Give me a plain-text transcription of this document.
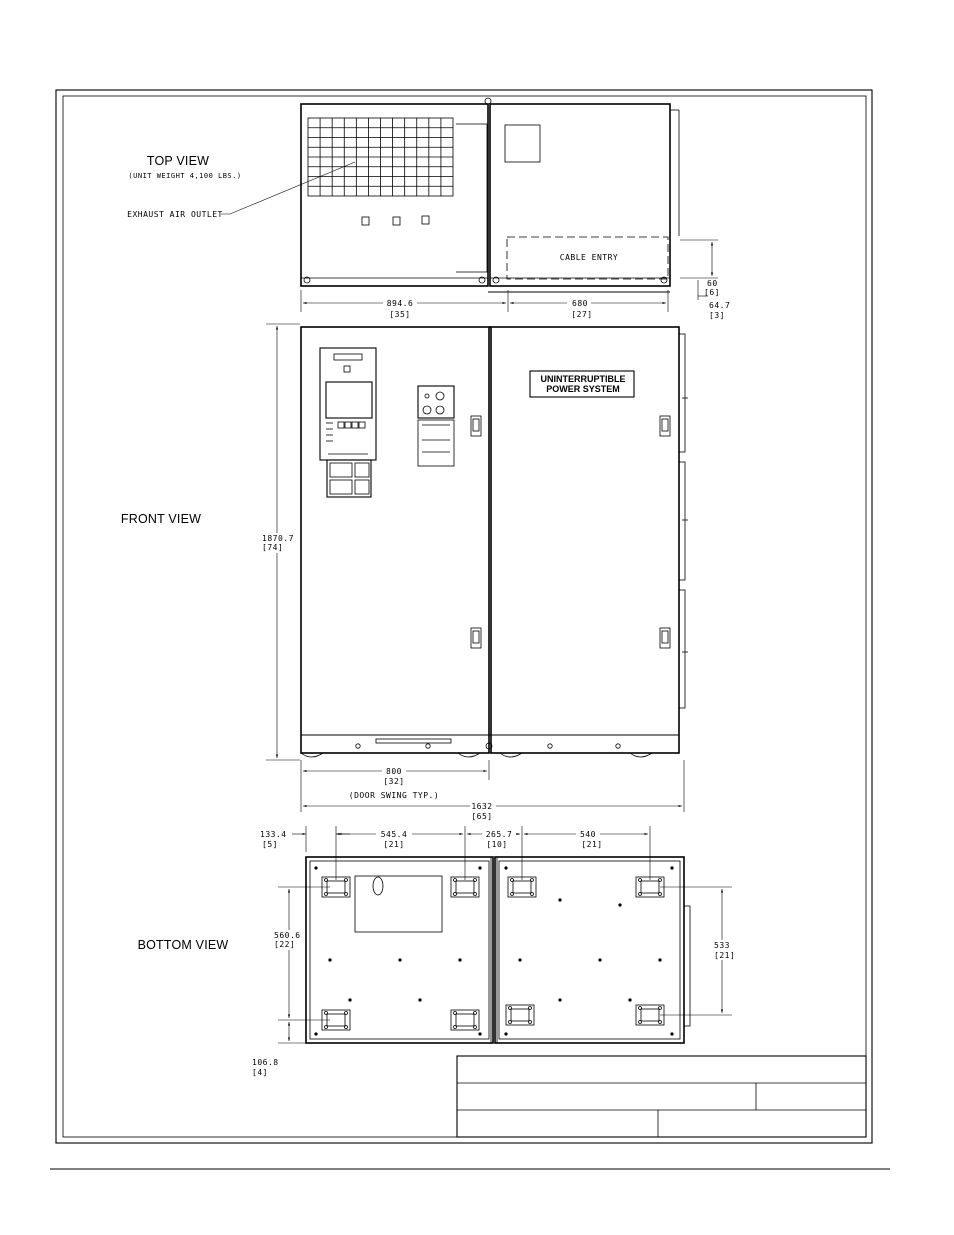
TOP VIEW
(UNIT WEIGHT 4,100 LBS.)
CABLE ENTRY
EXHAUST AIR OUTLET
894.6
[35]
680
[27]
60
[6]
64.7
[3]
FRONT VIEW
UNINTERRUPTIBLE
POWER SYSTEM
1870.7
[74]
800
[32]
(DOOR SWING TYP.)
1632
[65]
BOTTOM VIEW
133.4
[5]
545.4
[21]
265.7
[10]
540
[21]
560.6
[22]
106.8
[4]
533
[21]
